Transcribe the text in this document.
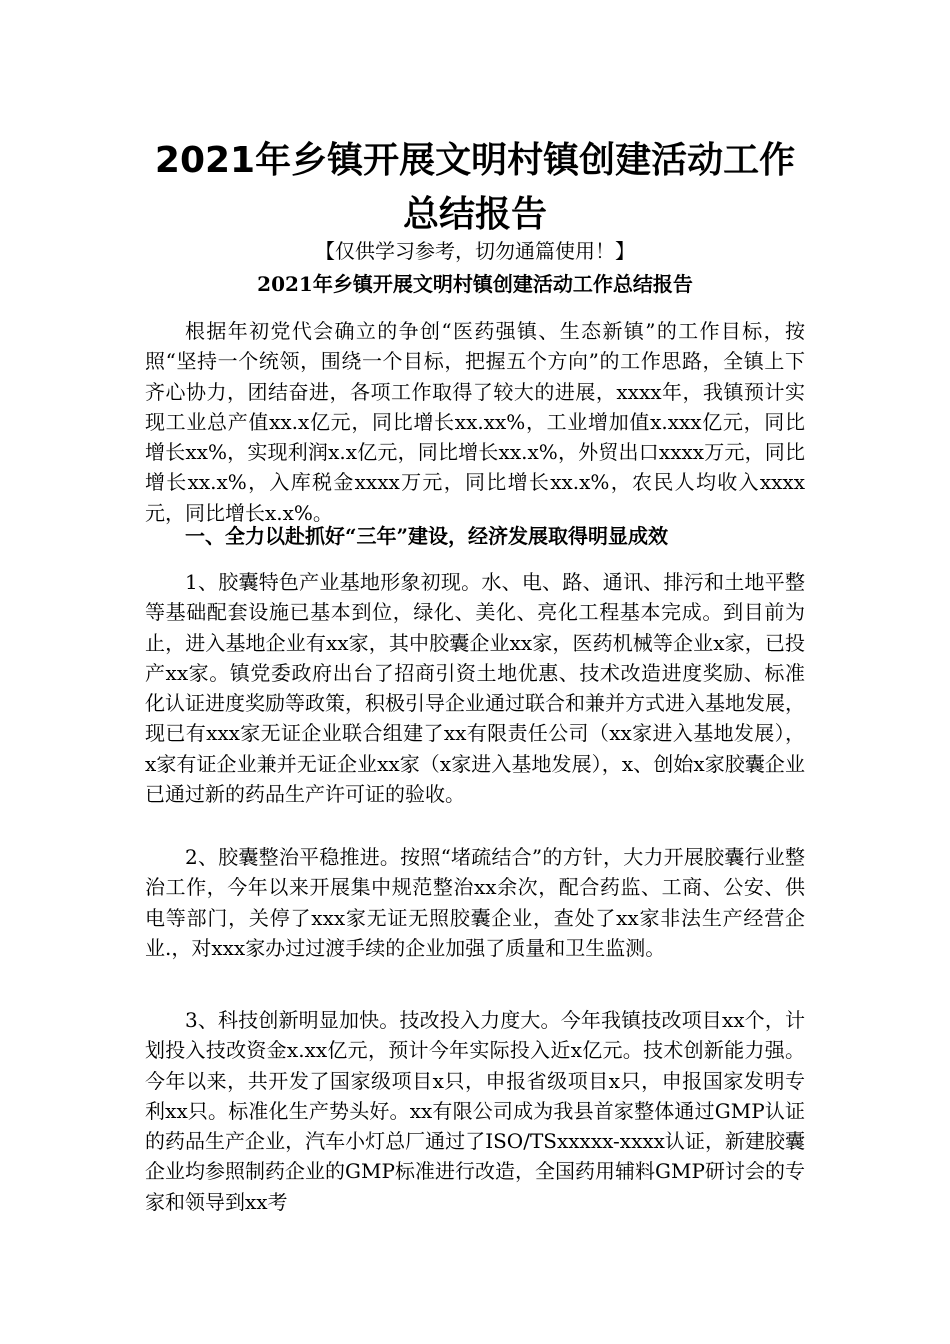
2021年乡镇开展文明村镇创建活动工作总结报告
【仅供学习参考，切勿通篇使用！】
2021年乡镇开展文明村镇创建活动工作总结报告

根据年初党代会确立的争创“医药强镇、生态新镇”的工作目标，按照“坚持一个统领，围绕一个目标，把握五个方向”的工作思路，全镇上下齐心协力，团结奋进，各项工作取得了较大的进展，xxxx年，我镇预计实现工业总产值xx.x亿元，同比增长xx.xx%，工业增加值x.xxx亿元，同比增长xx%，实现利润x.x亿元，同比增长xx.x%，外贸出口xxxx万元，同比增长xx.x%，入库税金xxxx万元，同比增长xx.x%，农民人均收入xxxx元，同比增长x.x%。

一、全力以赴抓好“三年”建设，经济发展取得明显成效

1、胶囊特色产业基地形象初现。水、电、路、通讯、排污和土地平整等基础配套设施已基本到位，绿化、美化、亮化工程基本完成。到目前为止，进入基地企业有xx家，其中胶囊企业xx家，医药机械等企业x家，已投产xx家。镇党委政府出台了招商引资土地优惠、技术改造进度奖励、标准化认证进度奖励等政策，积极引导企业通过联合和兼并方式进入基地发展，现已有xxx家无证企业联合组建了xx有限责任公司（xx家进入基地发展），x家有证企业兼并无证企业xx家（x家进入基地发展），x、创始x家胶囊企业已通过新的药品生产许可证的验收。

2、胶囊整治平稳推进。按照“堵疏结合”的方针，大力开展胶囊行业整治工作，今年以来开展集中规范整治xx余次，配合药监、工商、公安、供电等部门，关停了xxx家无证无照胶囊企业，查处了xx家非法生产经营企业.，对xxx家办过过渡手续的企业加强了质量和卫生监测。

3、科技创新明显加快。技改投入力度大。今年我镇技改项目xx个，计划投入技改资金x.xx亿元，预计今年实际投入近x亿元。技术创新能力强。今年以来，共开发了国家级项目x只，申报省级项目x只，申报国家发明专利xx只。标准化生产势头好。xx有限公司成为我县首家整体通过GMP认证的药品生产企业，汽车小灯总厂通过了ISO/TSxxxxx-xxxx认证，新建胶囊企业均参照制药企业的GMP标准进行改造，全国药用辅料GMP研讨会的专家和领导到xx考
